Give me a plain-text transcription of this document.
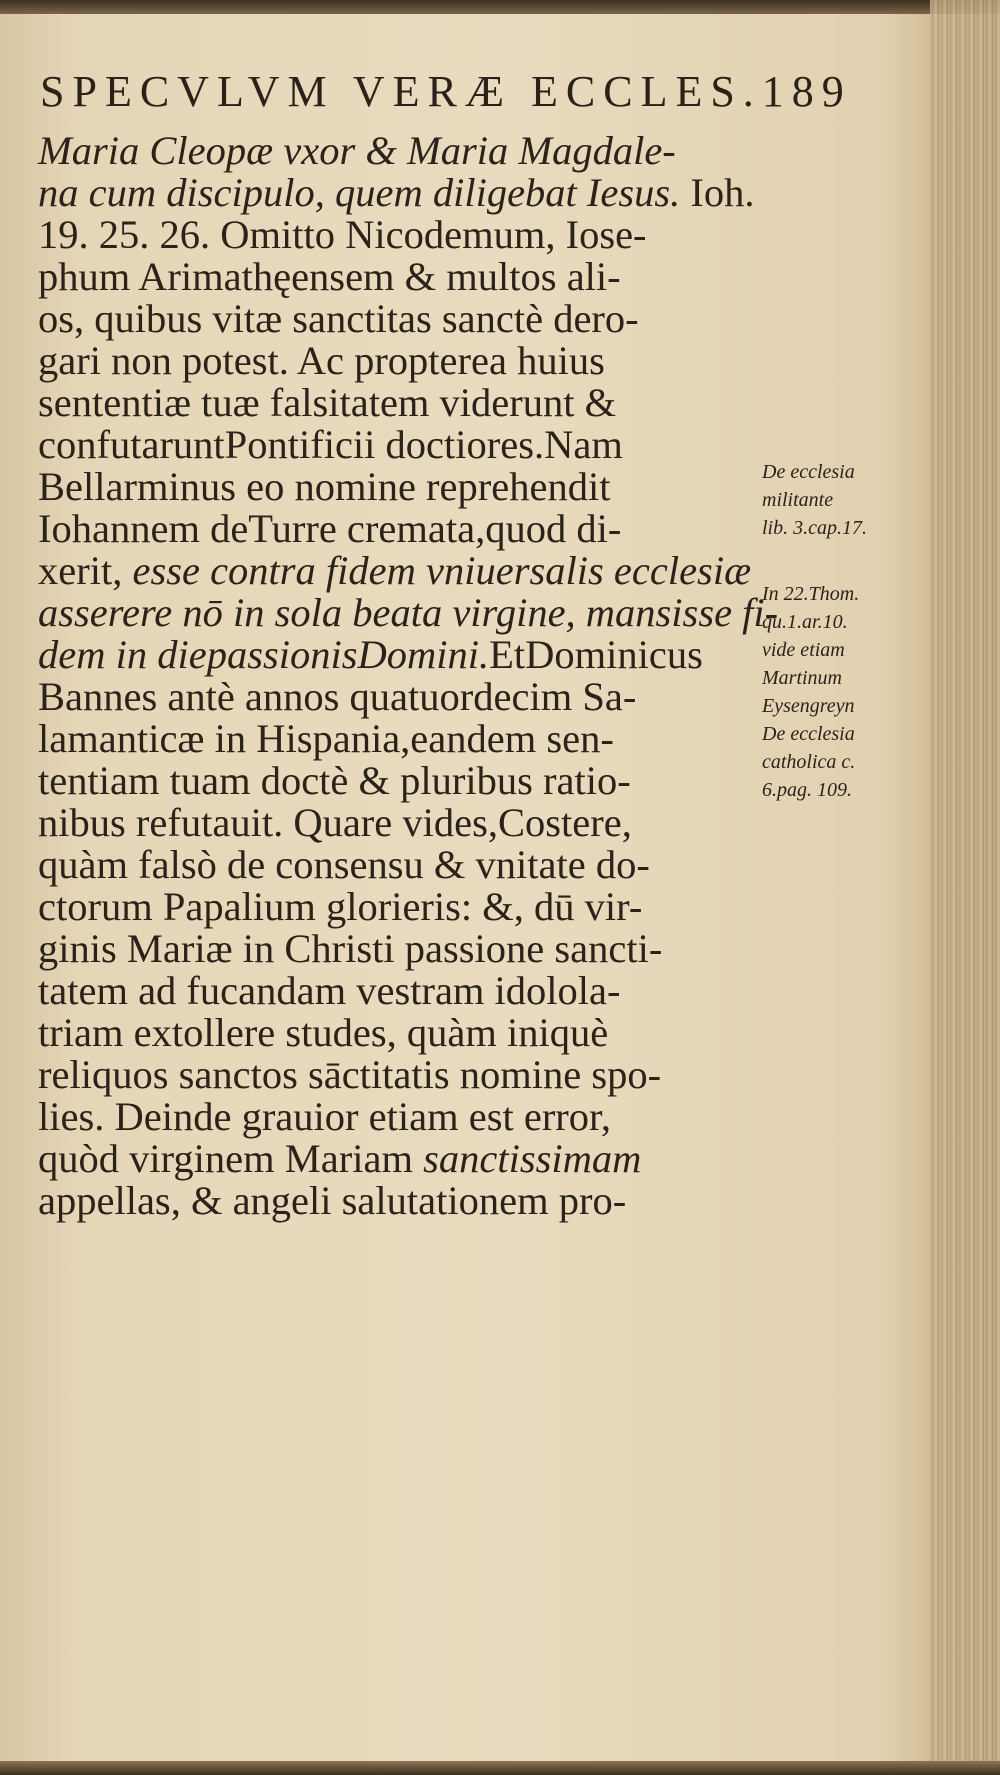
SPECVLVM VERÆ ECCLES.189
Maria Cleopæ vxor & Maria Magdale-
na cum discipulo, quem diligebat Iesus. Ioh.
19. 25. 26. Omitto Nicodemum, Iose-
phum Arimathęensem & multos ali-
os, quibus vitæ sanctitas sanctè dero-
gari non potest. Ac propterea huius
sententiæ tuæ falsitatem viderunt &
confutaruntPontificii doctiores.Nam
Bellarminus eo nomine reprehendit
Iohannem deTurre cremata,quod di-
xerit, esse contra fidem vniuersalis ecclesiæ
asserere nō in sola beata virgine, mansisse fi-
dem in diepassionisDomini.EtDominicus
Bannes antè annos quatuordecim Sa-
lamanticæ in Hispania,eandem sen-
tentiam tuam doctè & pluribus ratio-
nibus refutauit. Quare vides,Costere,
quàm falsò de consensu & vnitate do-
ctorum Papalium glorieris: &, dū vir-
ginis Mariæ in Christi passione sancti-
tatem ad fucandam vestram idolola-
triam extollere studes, quàm iniquè
reliquos sanctos sāctitatis nomine spo-
lies. Deinde grauior etiam est error,
quòd virginem Mariam sanctissimam
appellas, & angeli salutationem pro-
De ecclesia
militante
lib. 3.cap.17.
In 22.Thom.
qu.1.ar.10.
vide etiam
Martinum
Eysengreyn
De ecclesia
catholica c.
6.pag. 109.
